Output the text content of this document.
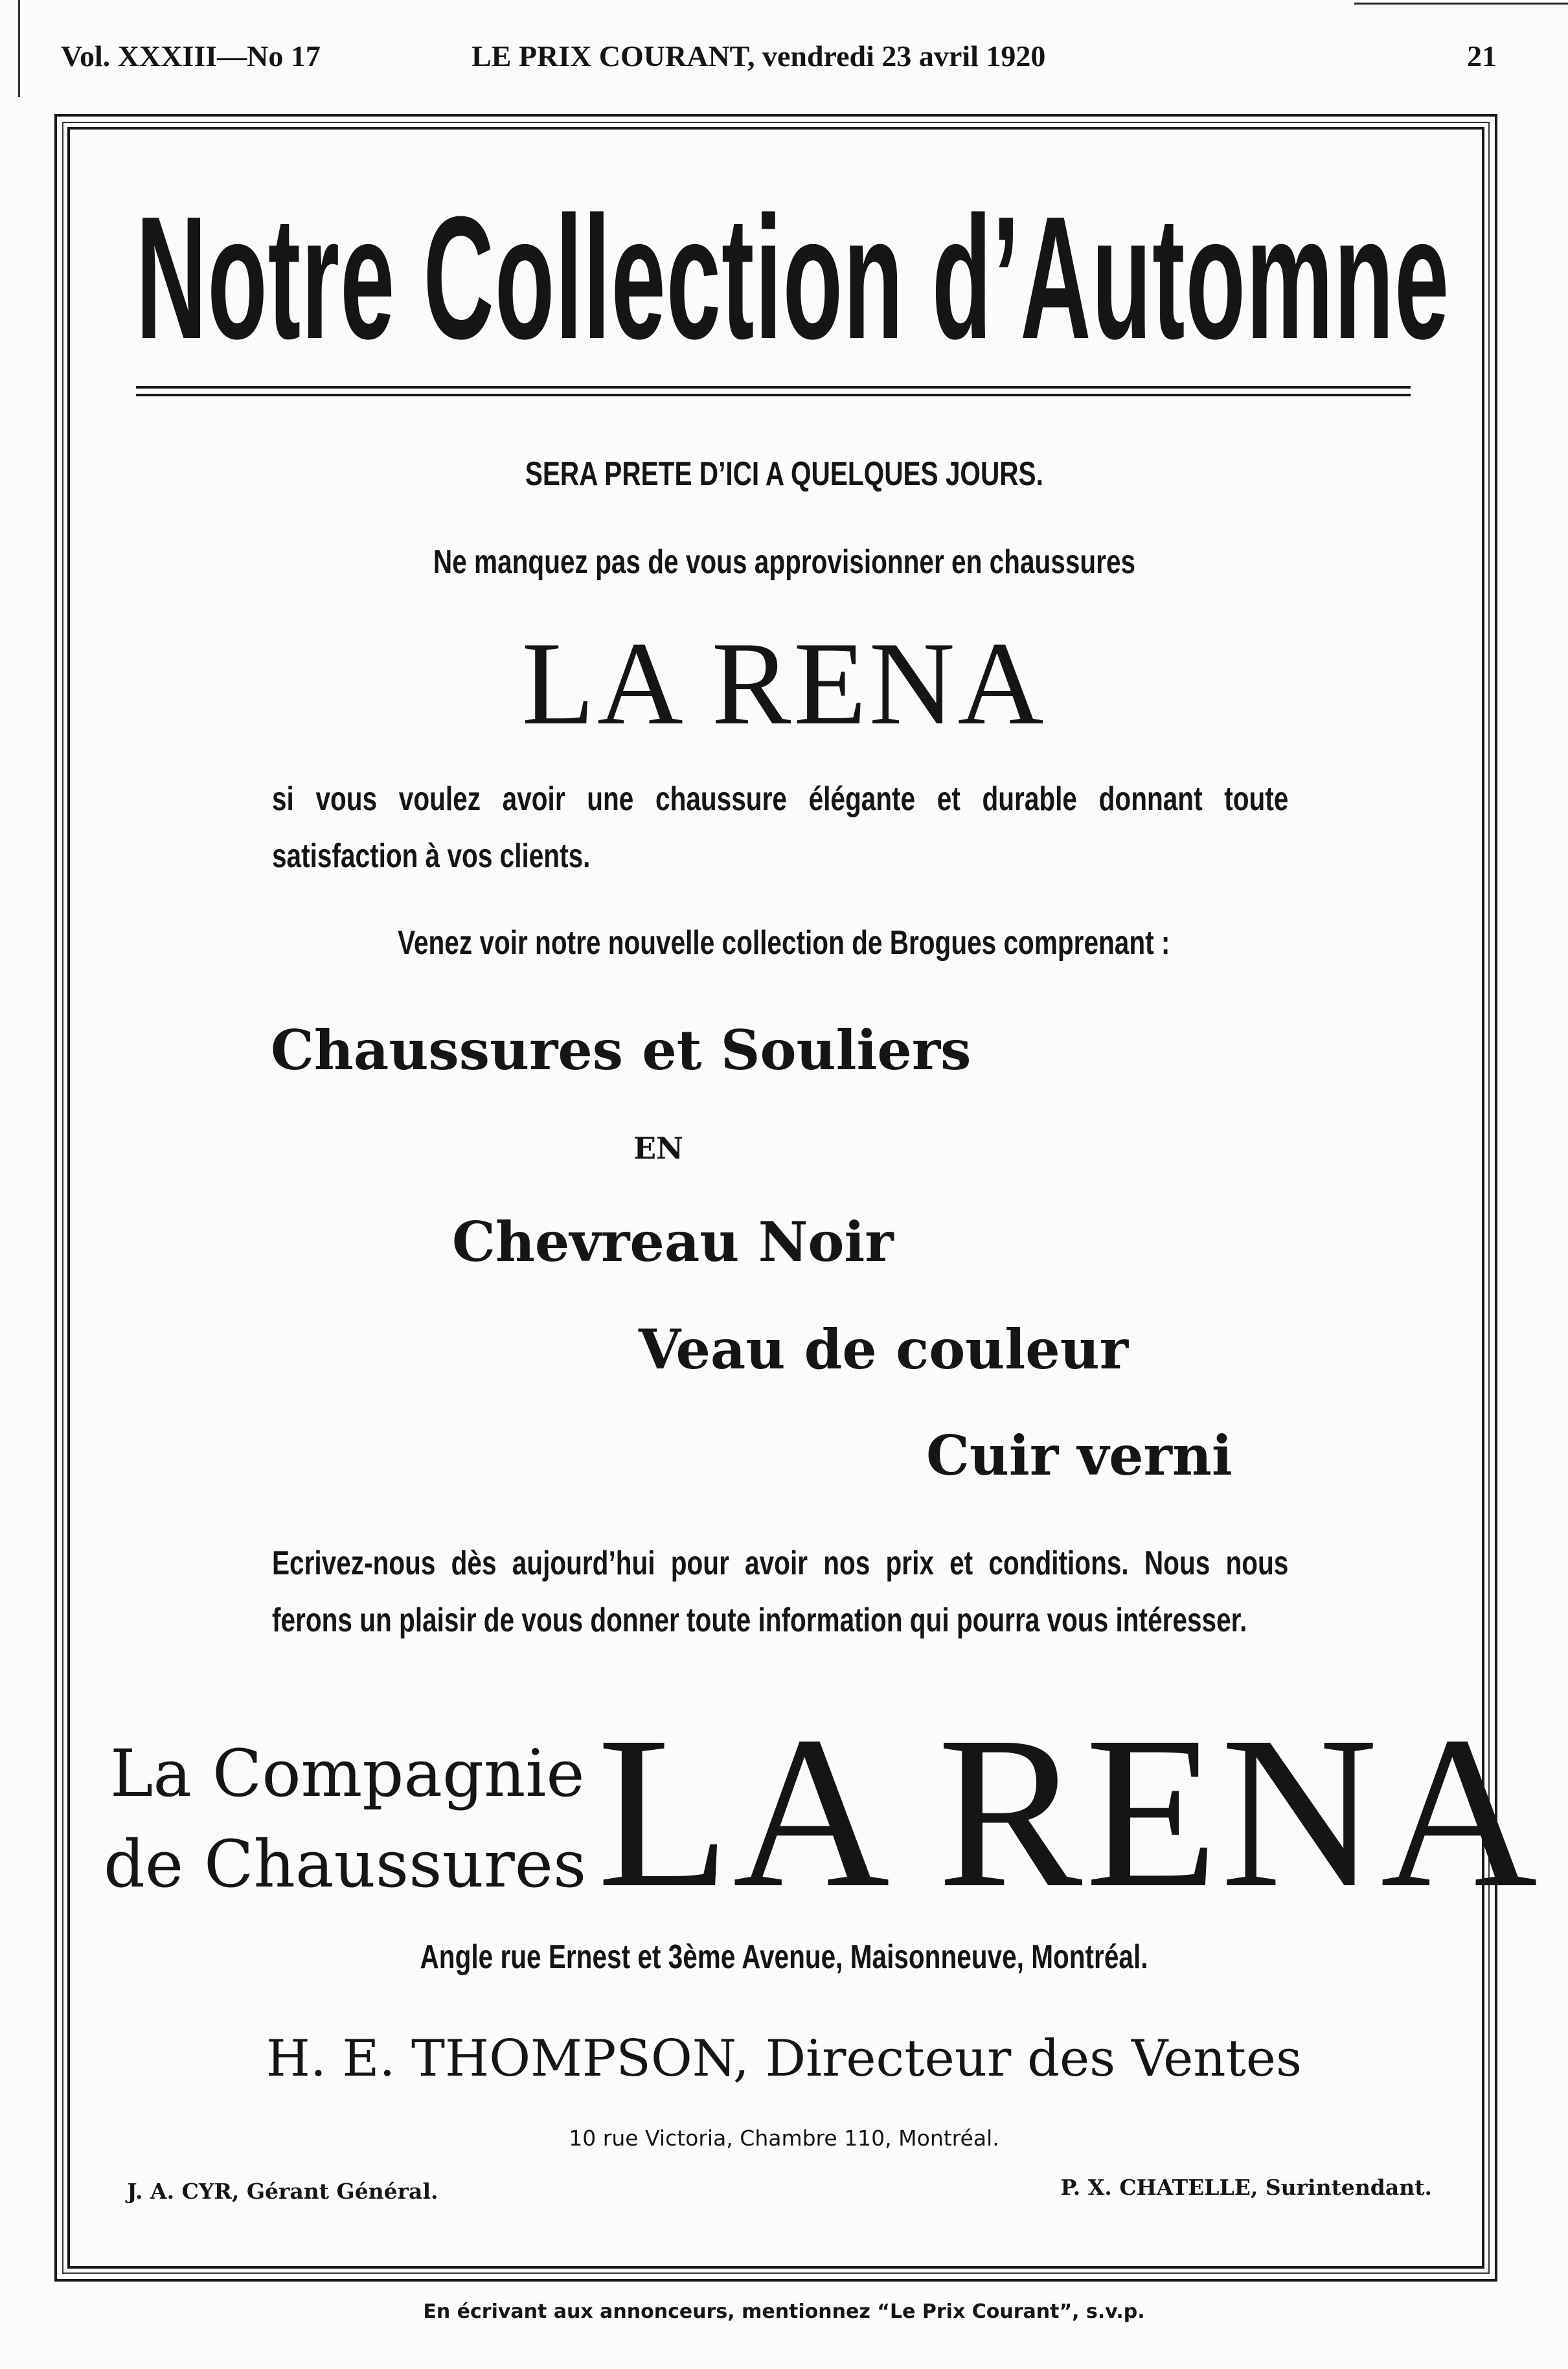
Vol. XXXIII—No 17	LE PRIX COURANT, vendredi 23 avril 1920	21
Notre Collection d’Automne
SERA PRETE D’ICI A QUELQUES JOURS.
Ne manquez pas de vous approvisionner en chaussures
LA RENA
si vous voulez avoir une chaussure élégante et durable donnant toute satisfaction à vos clients.
Venez voir notre nouvelle collection de Brogues comprenant :
Chaussures et Souliers
EN
Chevreau Noir
Veau de couleur
Cuir verni
Ecrivez-nous dès aujourd’hui pour avoir nos prix et conditions. Nous nous ferons un plaisir de vous donner toute information qui pourra vous intéresser.
La Compagnie
de Chaussures LA RENA
Angle rue Ernest et 3ème Avenue, Maisonneuve, Montréal.
H. E. THOMPSON, Directeur des Ventes
10 rue Victoria, Chambre 110, Montréal.
J. A. CYR, Gérant Général.	P. X. CHATELLE, Surintendant.
En écrivant aux annonceurs, mentionnez “Le Prix Courant”, s.v.p.
